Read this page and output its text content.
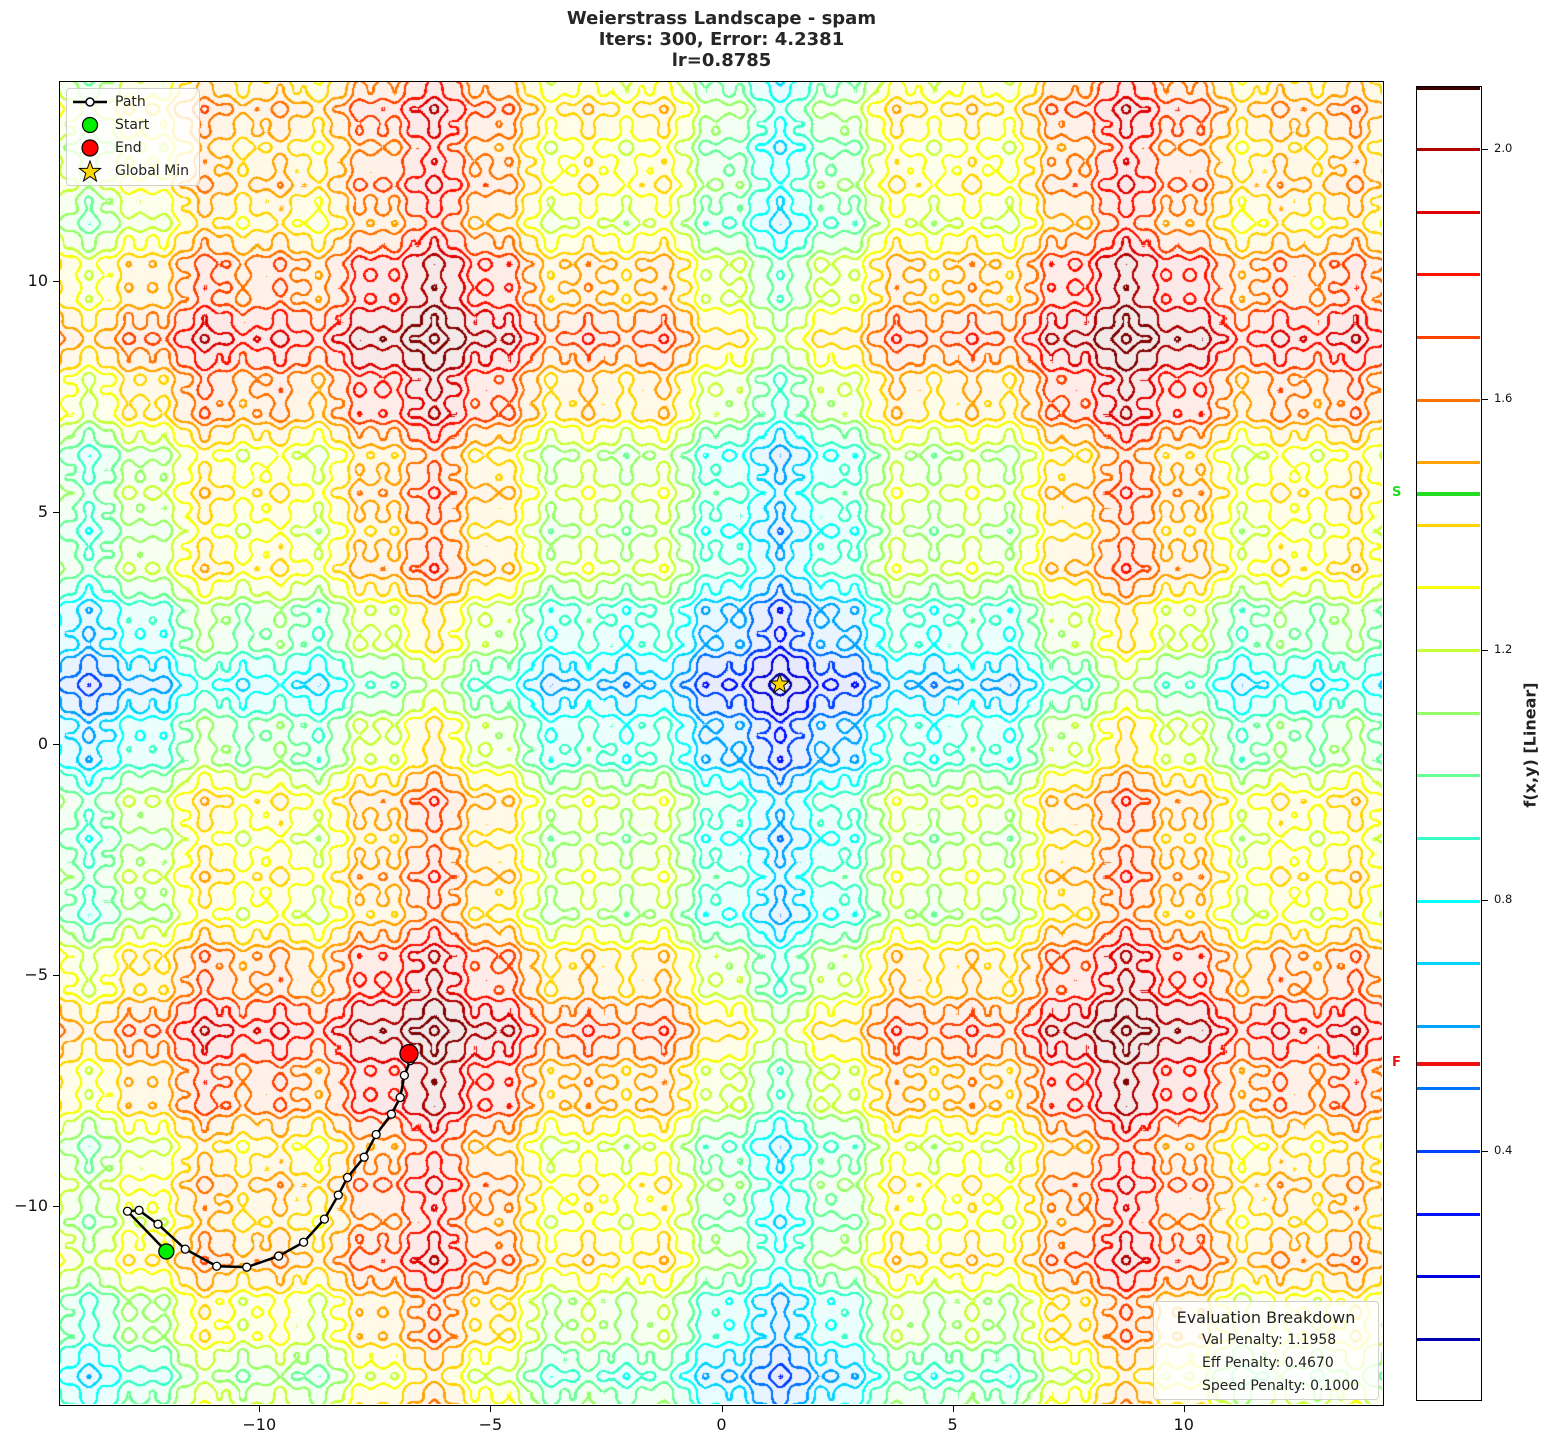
Weierstrass Landscape - spam
Iters: 300, Error: 4.2381
lr=0.8785
−10	−5	0	5	10
−10
−5
0
5
10
Path
Start
End
Global Min
Evaluation Breakdown
Val Penalty: 1.1958
Eff Penalty: 0.4670
Speed Penalty: 0.1000
S
F
0.4
0.8
1.2
1.6
2.0
f(x,y) [Linear]
